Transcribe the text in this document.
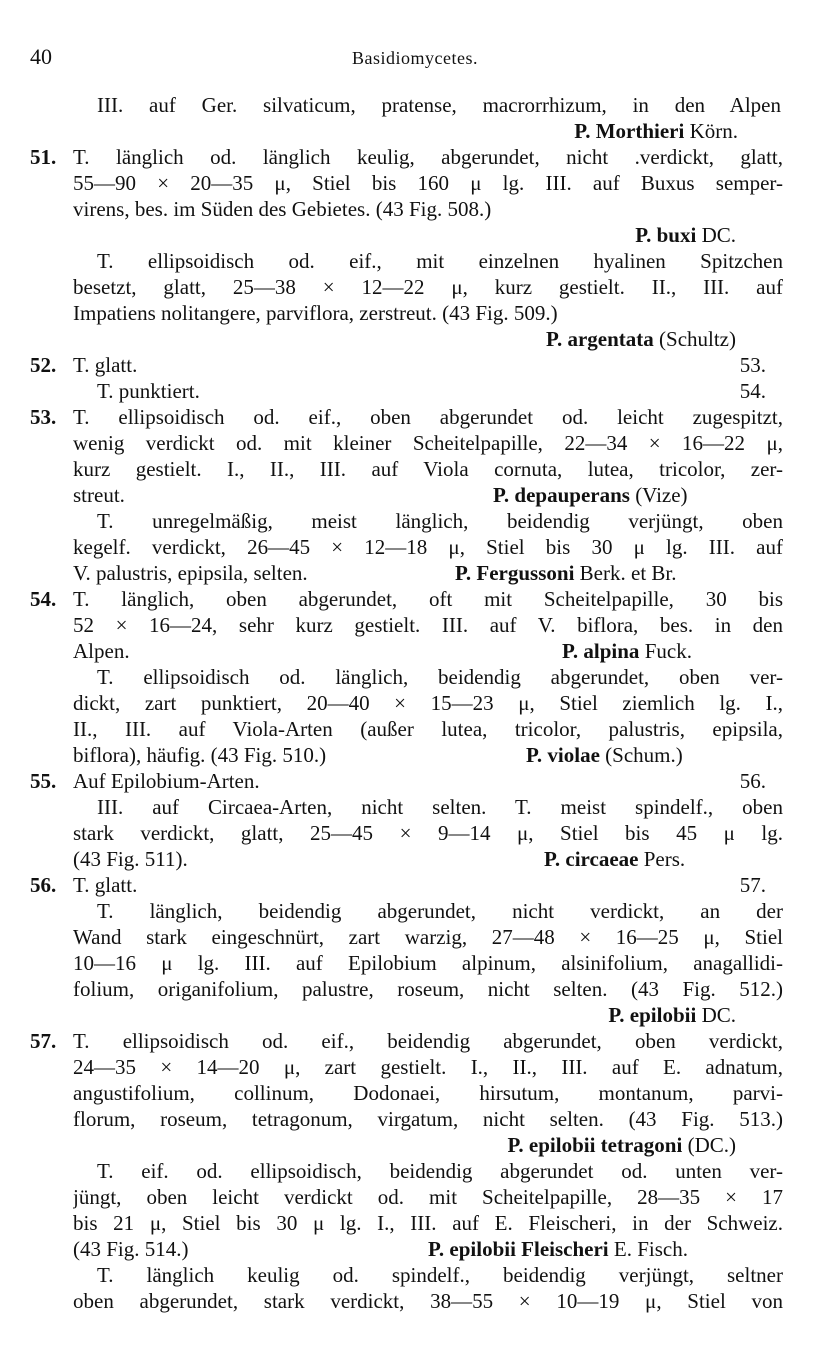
40	Basidiomycetes.
III. auf Ger. silvaticum, pratense, macrorrhizum, in den Alpen
P. Morthieri Körn.
51. T. länglich od. länglich keulig, abgerundet, nicht .verdickt, glatt,
55—90 × 20—35 μ, Stiel bis 160 μ lg. III. auf Buxus semper-
virens, bes. im Süden des Gebietes. (43 Fig. 508.)
P. buxi DC.
T. ellipsoidisch od. eif., mit einzelnen hyalinen Spitzchen
besetzt, glatt, 25—38 × 12—22 μ, kurz gestielt. II., III. auf
Impatiens nolitangere, parviflora, zerstreut. (43 Fig. 509.)
P. argentata (Schultz)
52. T. glatt.	53.
T. punktiert.	54.
53. T. ellipsoidisch od. eif., oben abgerundet od. leicht zugespitzt,
wenig verdickt od. mit kleiner Scheitelpapille, 22—34 × 16—22 μ,
kurz gestielt. I., II., III. auf Viola cornuta, lutea, tricolor, zer-
streut.	P. depauperans (Vize)
T. unregelmäßig, meist länglich, beidendig verjüngt, oben
kegelf. verdickt, 26—45 × 12—18 μ, Stiel bis 30 μ lg. III. auf
V. palustris, epipsila, selten.	P. Fergussoni Berk. et Br.
54. T. länglich, oben abgerundet, oft mit Scheitelpapille, 30 bis
52 × 16—24, sehr kurz gestielt. III. auf V. biflora, bes. in den
Alpen.	P. alpina Fuck.
T. ellipsoidisch od. länglich, beidendig abgerundet, oben ver-
dickt, zart punktiert, 20—40 × 15—23 μ, Stiel ziemlich lg. I.,
II., III. auf Viola-Arten (außer lutea, tricolor, palustris, epipsila,
biflora), häufig. (43 Fig. 510.)	P. violae (Schum.)
55. Auf Epilobium-Arten.	56.
III. auf Circaea-Arten, nicht selten. T. meist spindelf., oben
stark verdickt, glatt, 25—45 × 9—14 μ, Stiel bis 45 μ lg.
(43 Fig. 511).	P. circaeae Pers.
56. T. glatt.	57.
T. länglich, beidendig abgerundet, nicht verdickt, an der
Wand stark eingeschnürt, zart warzig, 27—48 × 16—25 μ, Stiel
10—16 μ lg. III. auf Epilobium alpinum, alsinifolium, anagallidi-
folium, origanifolium, palustre, roseum, nicht selten. (43 Fig. 512.)
P. epilobii DC.
57. T. ellipsoidisch od. eif., beidendig abgerundet, oben verdickt,
24—35 × 14—20 μ, zart gestielt. I., II., III. auf E. adnatum,
angustifolium, collinum, Dodonaei, hirsutum, montanum, parvi-
florum, roseum, tetragonum, virgatum, nicht selten. (43 Fig. 513.)
P. epilobii tetragoni (DC.)
T. eif. od. ellipsoidisch, beidendig abgerundet od. unten ver-
jüngt, oben leicht verdickt od. mit Scheitelpapille, 28—35 × 17
bis 21 μ, Stiel bis 30 μ lg. I., III. auf E. Fleischeri, in der Schweiz.
(43 Fig. 514.)	P. epilobii Fleischeri E. Fisch.
T. länglich keulig od. spindelf., beidendig verjüngt, seltner
oben abgerundet, stark verdickt, 38—55 × 10—19 μ, Stiel von
